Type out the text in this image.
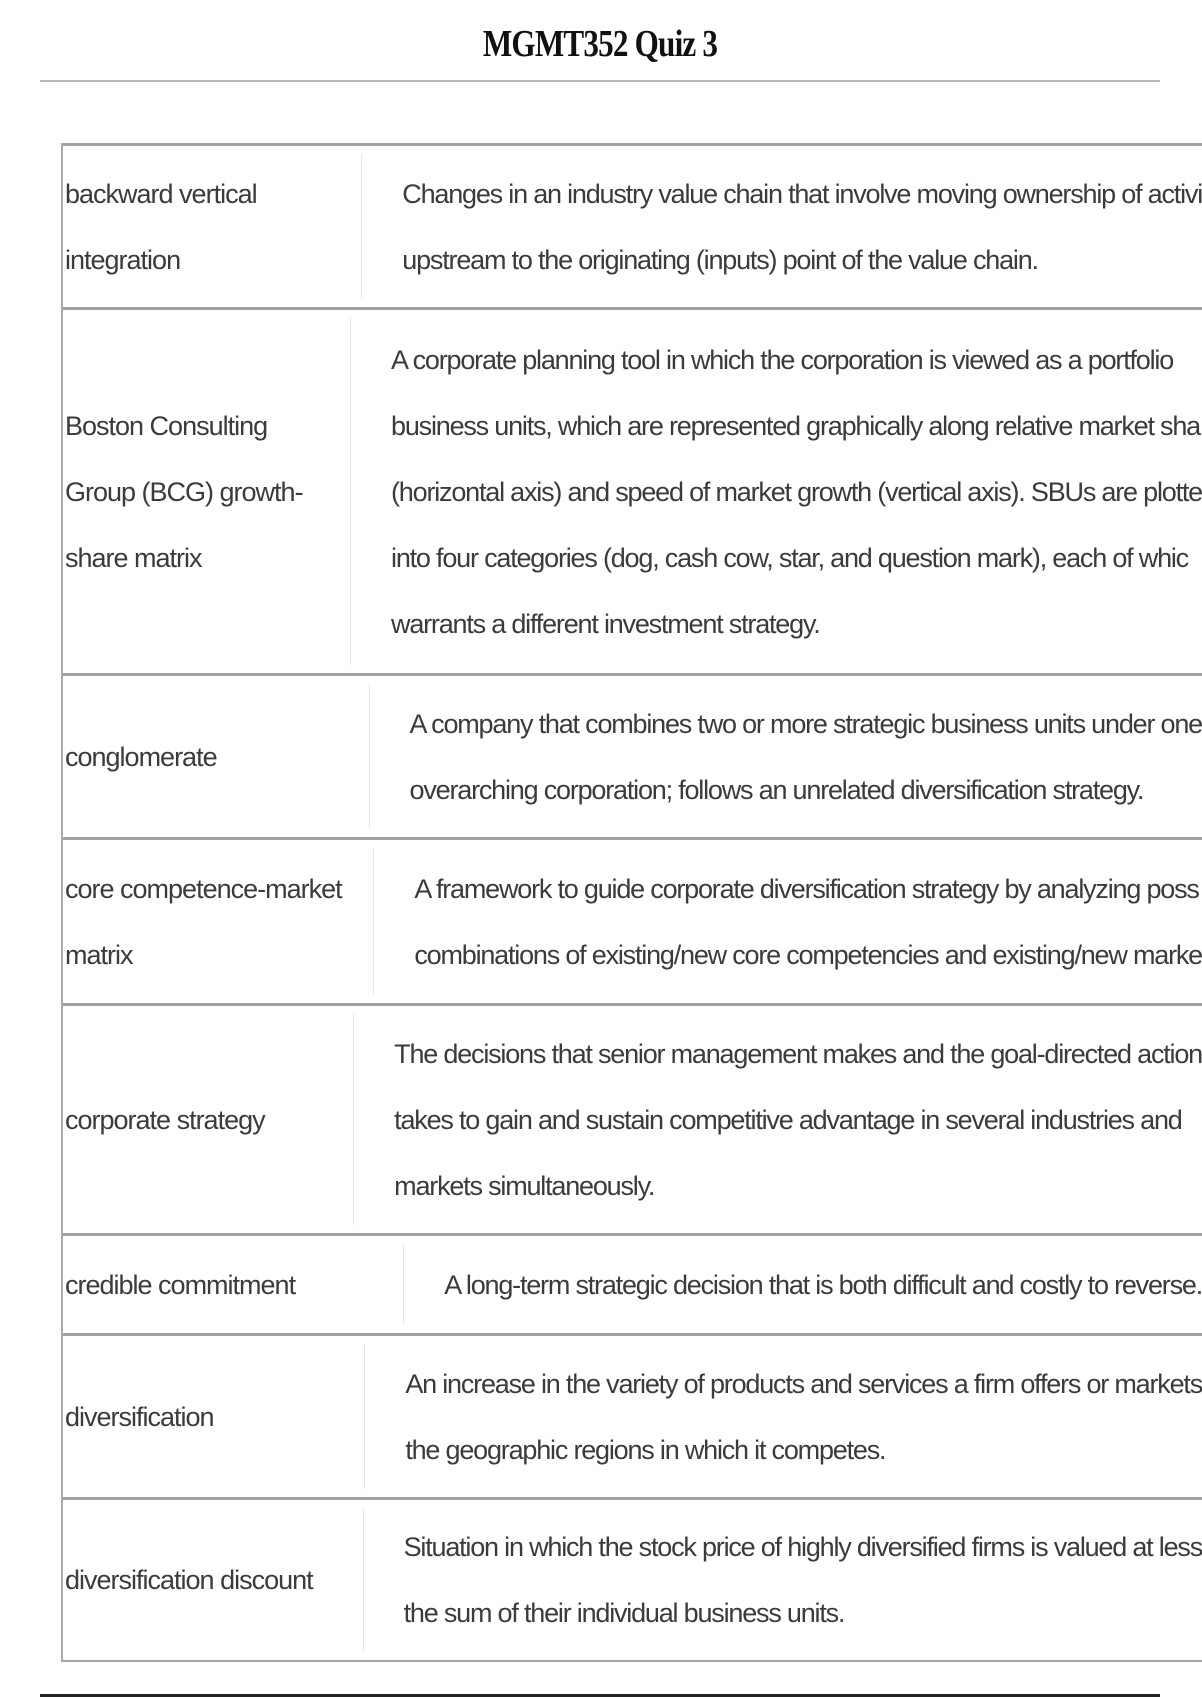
MGMT352 Quiz 3
backward vertical integration
Changes in an industry value chain that involve moving ownership of activi
upstream to the originating (inputs) point of the value chain.
Boston Consulting Group (BCG) growth-
share matrix
A corporate planning tool in which the corporation is viewed as a portfolio
business units, which are represented graphically along relative market sha
(horizontal axis) and speed of market growth (vertical axis). SBUs are plotte
into four categories (dog, cash cow, star, and question mark), each of whic
warrants a different investment strategy.
conglomerate
A company that combines two or more strategic business units under one
overarching corporation; follows an unrelated diversification strategy.
core competence-market matrix
A framework to guide corporate diversification strategy by analyzing poss
combinations of existing/new core competencies and existing/new marke
corporate strategy
The decisions that senior management makes and the goal-directed action
takes to gain and sustain competitive advantage in several industries and
markets simultaneously.
credible commitment	A long-term strategic decision that is both difficult and costly to reverse.
diversification
An increase in the variety of products and services a firm offers or markets
the geographic regions in which it competes.
diversification discount
Situation in which the stock price of highly diversified firms is valued at less
the sum of their individual business units.
